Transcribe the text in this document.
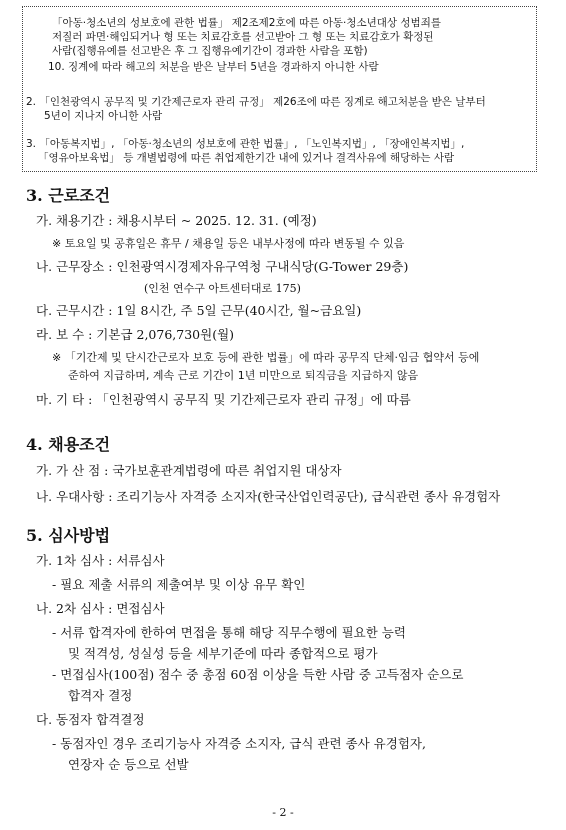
「아동·청소년의 성보호에 관한 법률」 제2조제2호에 따른 아동·청소년대상 성범죄를
저질러 파면·해임되거나 형 또는 치료감호를 선고받아 그 형 또는 치료감호가 확정된
사람(집행유예를 선고받은 후 그 집행유예기간이 경과한 사람을 포함)
10. 징계에 따라 해고의 처분을 받은 날부터 5년을 경과하지 아니한 사람
2. 「인천광역시 공무직 및 기간제근로자 관리 규정」 제26조에 따른 징계로 해고처분을 받은 날부터
5년이 지나지 아니한 사람
3. 「아동복지법」, 「아동·청소년의 성보호에 관한 법률」, 「노인복지법」, 「장애인복지법」,
「영유아보육법」 등 개별법령에 따른 취업제한기간 내에 있거나 결격사유에 해당하는 사람
3. 근로조건
가. 채용기간 : 채용시부터 ~ 2025. 12. 31. (예정)
※ 토요일 및 공휴일은 휴무 / 채용일 등은 내부사정에 따라 변동될 수 있음
나. 근무장소 : 인천광역시경제자유구역청 구내식당(G-Tower 29층)
(인천 연수구 아트센터대로 175)
다. 근무시간 : 1일 8시간, 주 5일 근무(40시간, 월~금요일)
라. 보 수 : 기본급 2,076,730원(월)
※ 「기간제 및 단시간근로자 보호 등에 관한 법률」에 따라 공무직 단체·임금 협약서 등에
준하여 지급하며, 계속 근로 기간이 1년 미만으로 퇴직금을 지급하지 않음
마. 기 타 : 「인천광역시 공무직 및 기간제근로자 관리 규정」에 따름
4. 채용조건
가. 가 산 점 : 국가보훈관계법령에 따른 취업지원 대상자
나. 우대사항 : 조리기능사 자격증 소지자(한국산업인력공단), 급식관련 종사 유경험자
5. 심사방법
가. 1차 심사 : 서류심사
- 필요 제출 서류의 제출여부 및 이상 유무 확인
나. 2차 심사 : 면접심사
- 서류 합격자에 한하여 면접을 통해 해당 직무수행에 필요한 능력
및 적격성, 성실성 등을 세부기준에 따라 종합적으로 평가
- 면접심사(100점) 점수 중 총점 60점 이상을 득한 사람 중 고득점자 순으로
합격자 결정
다. 동점자 합격결정
- 동점자인 경우 조리기능사 자격증 소지자, 급식 관련 종사 유경험자,
연장자 순 등으로 선발
- 2 -
